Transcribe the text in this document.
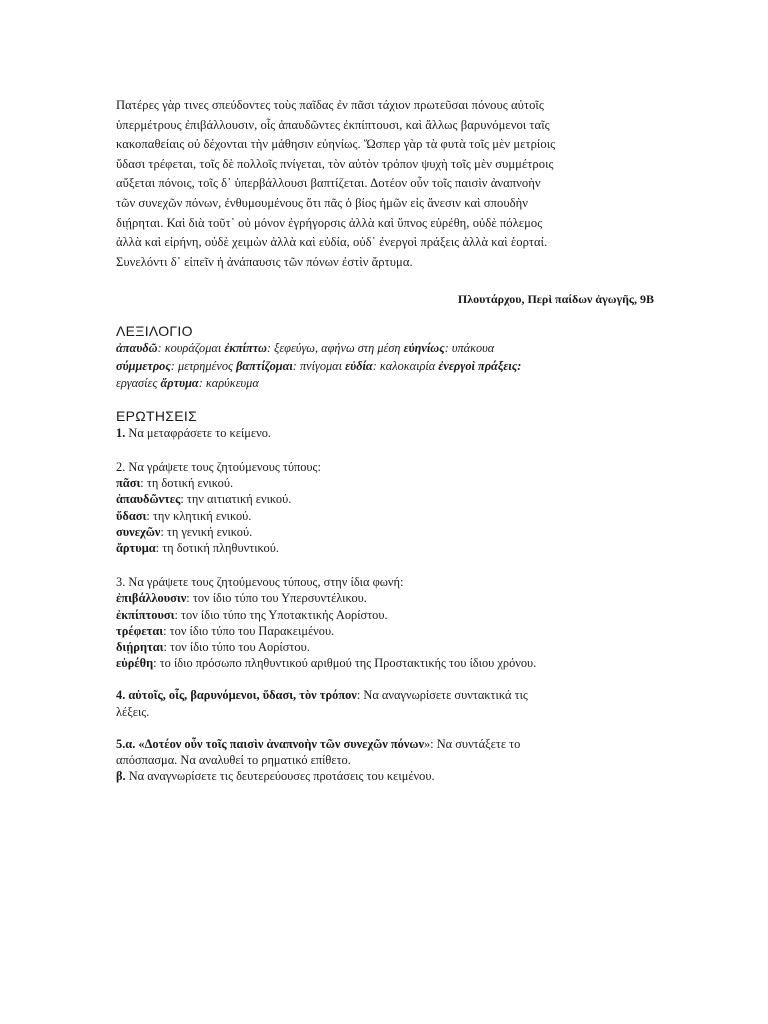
Πατέρες γὰρ τινες σπεύδοντες τοὺς παῖδας ἐν πᾶσι τάχιον πρωτεῦσαι πόνους αὐτοῖς
ὑπερμέτρους ἐπιβάλλουσιν, οἷς ἀπαυδῶντες ἐκπίπτουσι, καὶ ἄλλως βαρυνόμενοι ταῖς
κακοπαθείαις οὐ δέχονται τὴν μάθησιν εὐηνίως. Ὥσπερ γὰρ τὰ φυτὰ τοῖς μὲν μετρίοις
ὕδασι τρέφεται, τοῖς δὲ πολλοῖς πνίγεται, τὸν αὐτὸν τρόπον ψυχὴ τοῖς μὲν συμμέτροις
αὔξεται πόνοις, τοῖς δ᾽ ὑπερβάλλουσι βαπτίζεται. Δοτέον οὖν τοῖς παισὶν ἀναπνοὴν
τῶν συνεχῶν πόνων, ἐνθυμουμένους ὅτι πᾶς ὁ βίος ἡμῶν εἰς ἄνεσιν καὶ σπουδὴν
διῄρηται. Καὶ διὰ τοῦτ᾽ οὐ μόνον ἐγρήγορσις ἀλλὰ καὶ ὕπνος εὑρέθη, οὐδὲ πόλεμος
ἀλλὰ καὶ εἰρήνη, οὐδὲ χειμὼν ἀλλὰ καὶ εὐδία, οὐδ᾽ ἐνεργοὶ πράξεις ἀλλὰ καὶ ἑορταί.
Συνελόντι δ᾽ εἰπεῖν ἡ ἀνάπαυσις τῶν πόνων ἐστὶν ἄρτυμα.
Πλουτάρχου, Περὶ παίδων ἀγωγῆς, 9Β
ΛΕΞΙΛΟΓΙΟ
ἀπαυδῶ: κουράζομαι ἐκπίπτω: ξεφεύγω, αφήνω στη μέση εὐηνίως: υπάκουα
σύμμετρος: μετρημένος βαπτίζομαι: πνίγομαι εὐδία: καλοκαιρία ἐνεργοὶ πράξεις:
εργασίες ἄρτυμα: καρύκευμα
ΕΡΩΤΗΣΕΙΣ
1. Να μεταφράσετε το κείμενο.
2. Να γράψετε τους ζητούμενους τύπους:
πᾶσι: τη δοτική ενικού.
ἀπαυδῶντες: την αιτιατική ενικού.
ὕδασι: την κλητική ενικού.
συνεχῶν: τη γενική ενικού.
ἄρτυμα: τη δοτική πληθυντικού.
3. Να γράψετε τους ζητούμενους τύπους, στην ίδια φωνή:
ἐπιβάλλουσιν: τον ίδιο τύπο του Υπερσυντέλικου.
ἐκπίπτουσι: τον ίδιο τύπο της Υποτακτικής Αορίστου.
τρέφεται: τον ίδιο τύπο του Παρακειμένου.
διῄρηται: τον ίδιο τύπο του Αορίστου.
εὑρέθη: το ίδιο πρόσωπο πληθυντικού αριθμού της Προστακτικής του ίδιου χρόνου.
4. αὐτοῖς, οἷς, βαρυνόμενοι, ὕδασι, τὸν τρόπον: Να αναγνωρίσετε συντακτικά τις
λέξεις.
5.α. «Δοτέον οὖν τοῖς παισὶν ἀναπνοὴν τῶν συνεχῶν πόνων»: Να συντάξετε το
απόσπασμα. Να αναλυθεί το ρηματικό επίθετο.
β. Να αναγνωρίσετε τις δευτερεύουσες προτάσεις του κειμένου.
